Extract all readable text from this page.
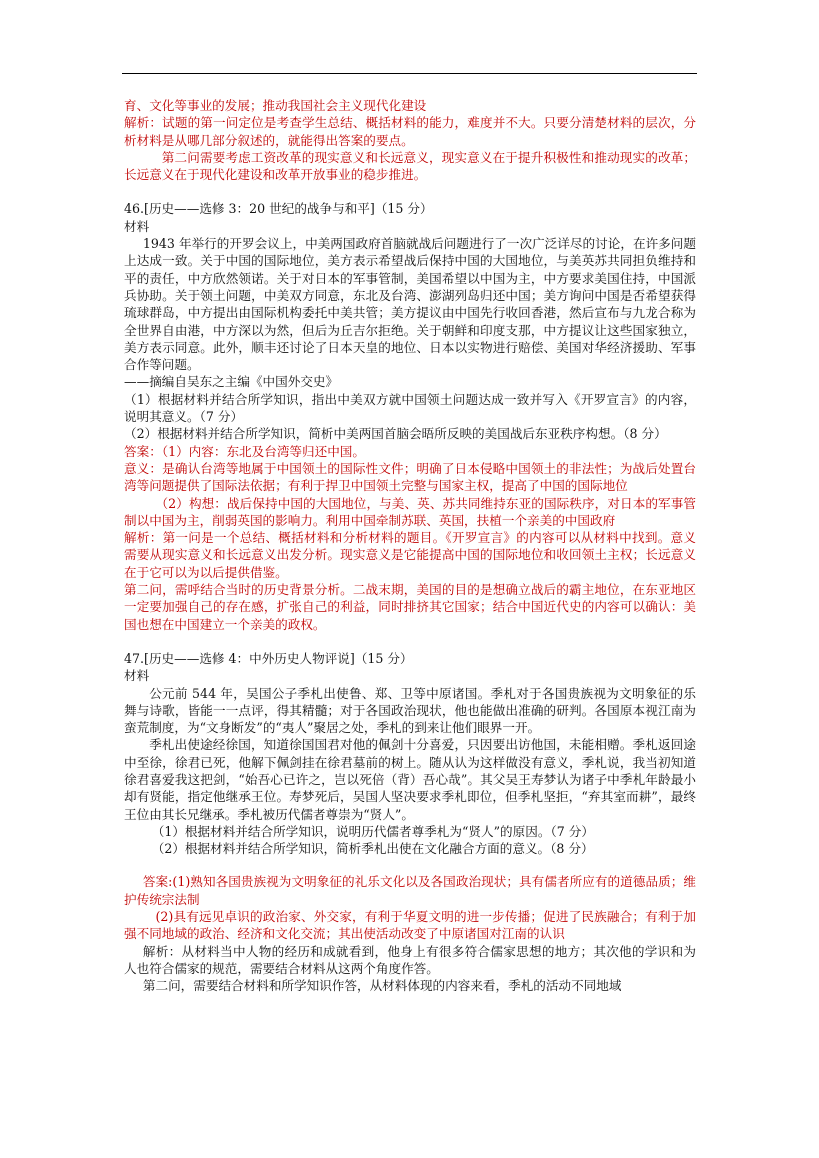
育、文化等事业的发展；推动我国社会主义现代化建设

解析：试题的第一问定位是考查学生总结、概括材料的能力，难度并不大。只要分清楚材料的层次，分析材料是从哪几部分叙述的，就能得出答案的要点。

第二问需要考虑工资改革的现实意义和长远意义，现实意义在于提升积极性和推动现实的改革；长远意义在于现代化建设和改革开放事业的稳步推进。

46.[历史——选修 3：20 世纪的战争与和平]（15 分）

材料

1943 年举行的开罗会议上，中美两国政府首脑就战后问题进行了一次广泛详尽的讨论，在许多问题上达成一致。关于中国的国际地位，美方表示希望战后保持中国的大国地位，与美英苏共同担负维持和平的责任，中方欣然领诺。关于对日本的军事管制，美国希望以中国为主，中方要求美国住持，中国派兵协助。关于领土问题，中美双方同意，东北及台湾、澎湖列岛归还中国；美方询问中国是否希望获得琉球群岛，中方提出由国际机构委托中美共管；美方提议由中国先行收回香港，然后宣布与九龙合称为全世界自由港，中方深以为然，但后为丘吉尔拒绝。关于朝鲜和印度支那，中方提议让这些国家独立，美方表示同意。此外，顺丰还讨论了日本天皇的地位、日本以实物进行赔偿、美国对华经济援助、军事合作等问题。

——摘编自吴东之主编《中国外交史》

（1）根据材料并结合所学知识，指出中美双方就中国领土问题达成一致并写入《开罗宣言》的内容，说明其意义。（7 分）

（2）根据材料并结合所学知识，简析中美两国首脑会晤所反映的美国战后东亚秩序构想。（8 分）

答案：（1）内容：东北及台湾等归还中国。

意义：是确认台湾等地属于中国领土的国际性文件；明确了日本侵略中国领土的非法性；为战后处置台湾等问题提供了国际法依据；有利于捍卫中国领土完整与国家主权，提高了中国的国际地位

（2）构想：战后保持中国的大国地位，与美、英、苏共同维持东亚的国际秩序，对日本的军事管制以中国为主，削弱英国的影响力。利用中国牵制苏联、英国，扶植一个亲美的中国政府

解析：第一问是一个总结、概括材料和分析材料的题目。《开罗宣言》的内容可以从材料中找到。意义需要从现实意义和长远意义出发分析。现实意义是它能提高中国的国际地位和收回领土主权；长远意义在于它可以为以后提供借鉴。

第二问，需呼结合当时的历史背景分析。二战末期，美国的目的是想确立战后的霸主地位，在东亚地区一定要加强自己的存在感，扩张自己的利益，同时排挤其它国家；结合中国近代史的内容可以确认：美国也想在中国建立一个亲美的政权。

47.[历史——选修 4：中外历史人物评说]（15 分）

材料

公元前 544 年，吴国公子季札出使鲁、郑、卫等中原诸国。季札对于各国贵族视为文明象征的乐舞与诗歌，皆能一一点评，得其精髓；对于各国政治现状，他也能做出准确的研判。各国原本视江南为蛮荒制度，为“文身断发”的“夷人”聚居之处，季札的到来让他们眼界一开。

季札出使途经徐国，知道徐国国君对他的佩剑十分喜爱，只因要出访他国，未能相赠。季札返回途中至徐，徐君已死，他解下佩剑挂在徐君墓前的树上。随从认为这样做没有意义，季札说，我当初知道徐君喜爱我这把剑，“始吾心已许之，岂以死倍（背）吾心哉”。其父吴王寿梦认为诸子中季札年龄最小却有贤能，指定他继承王位。寿梦死后，吴国人坚决要求季札即位，但季札坚拒，“弃其室而耕”，最终王位由其长兄继承。季札被历代儒者尊崇为“贤人”。

（1）根据材料并结合所学知识，说明历代儒者尊季札为“贤人”的原因。（7 分）

（2）根据材料并结合所学知识，简析季札出使在文化融合方面的意义。（8 分）

答案:(1)熟知各国贵族视为文明象征的礼乐文化以及各国政治现状；具有儒者所应有的道德品质；维护传统宗法制

(2)具有远见卓识的政治家、外交家，有利于华夏文明的进一步传播；促进了民族融合；有利于加强不同地域的政治、经济和文化交流；其出使活动改变了中原诸国对江南的认识

解析：从材料当中人物的经历和成就看到，他身上有很多符合儒家思想的地方；其次他的学识和为人也符合儒家的规范，需要结合材料从这两个角度作答。

第二问，需要结合材料和所学知识作答，从材料体现的内容来看，季札的活动不同地域
